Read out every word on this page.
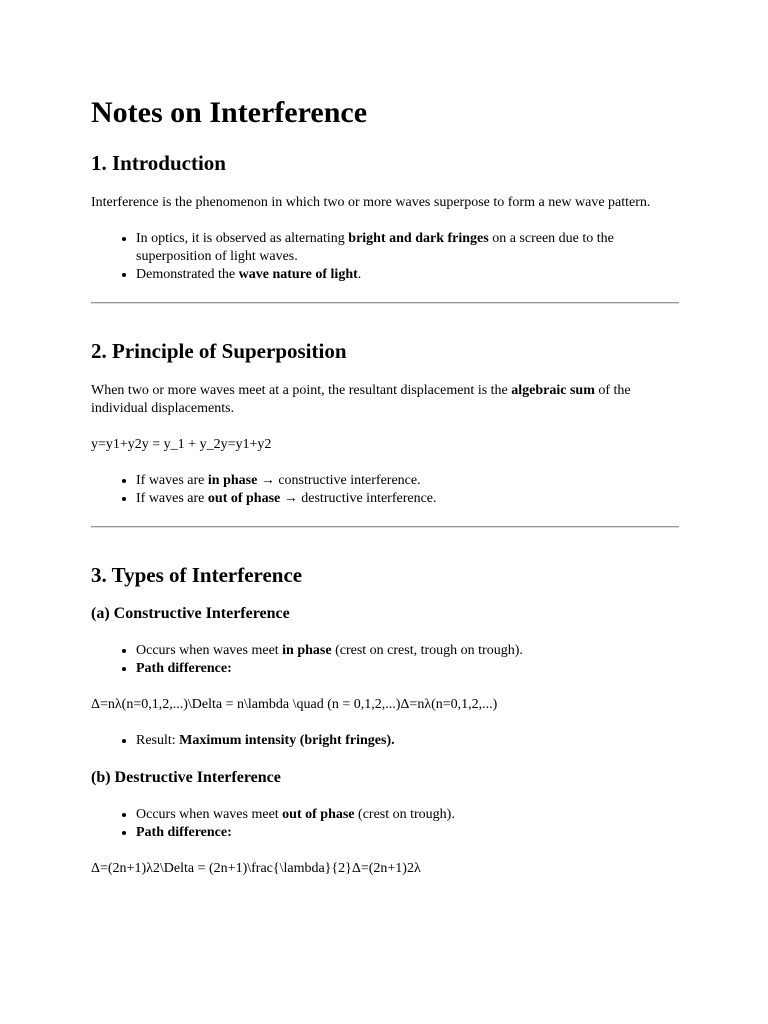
Notes on Interference
1. Introduction

Interference is the phenomenon in which two or more waves superpose to form a new wave pattern.

• In optics, it is observed as alternating bright and dark fringes on a screen due to the superposition of light waves.
• Demonstrated the wave nature of light.
2. Principle of Superposition

When two or more waves meet at a point, the resultant displacement is the algebraic sum of the individual displacements.

y=y1+y2y = y_1 + y_2y=y1+y2

• If waves are in phase → constructive interference.
• If waves are out of phase → destructive interference.
3. Types of Interference
(a) Constructive Interference
• Occurs when waves meet in phase (crest on crest, trough on trough).
• Path difference:

Δ=nλ(n=0,1,2,...)\Delta = n\lambda \quad (n = 0,1,2,...)Δ=nλ(n=0,1,2,...)

• Result: Maximum intensity (bright fringes).
(b) Destructive Interference
• Occurs when waves meet out of phase (crest on trough).
• Path difference:

Δ=(2n+1)λ2\Delta = (2n+1)\frac{\lambda}{2}Δ=(2n+1)2λ
